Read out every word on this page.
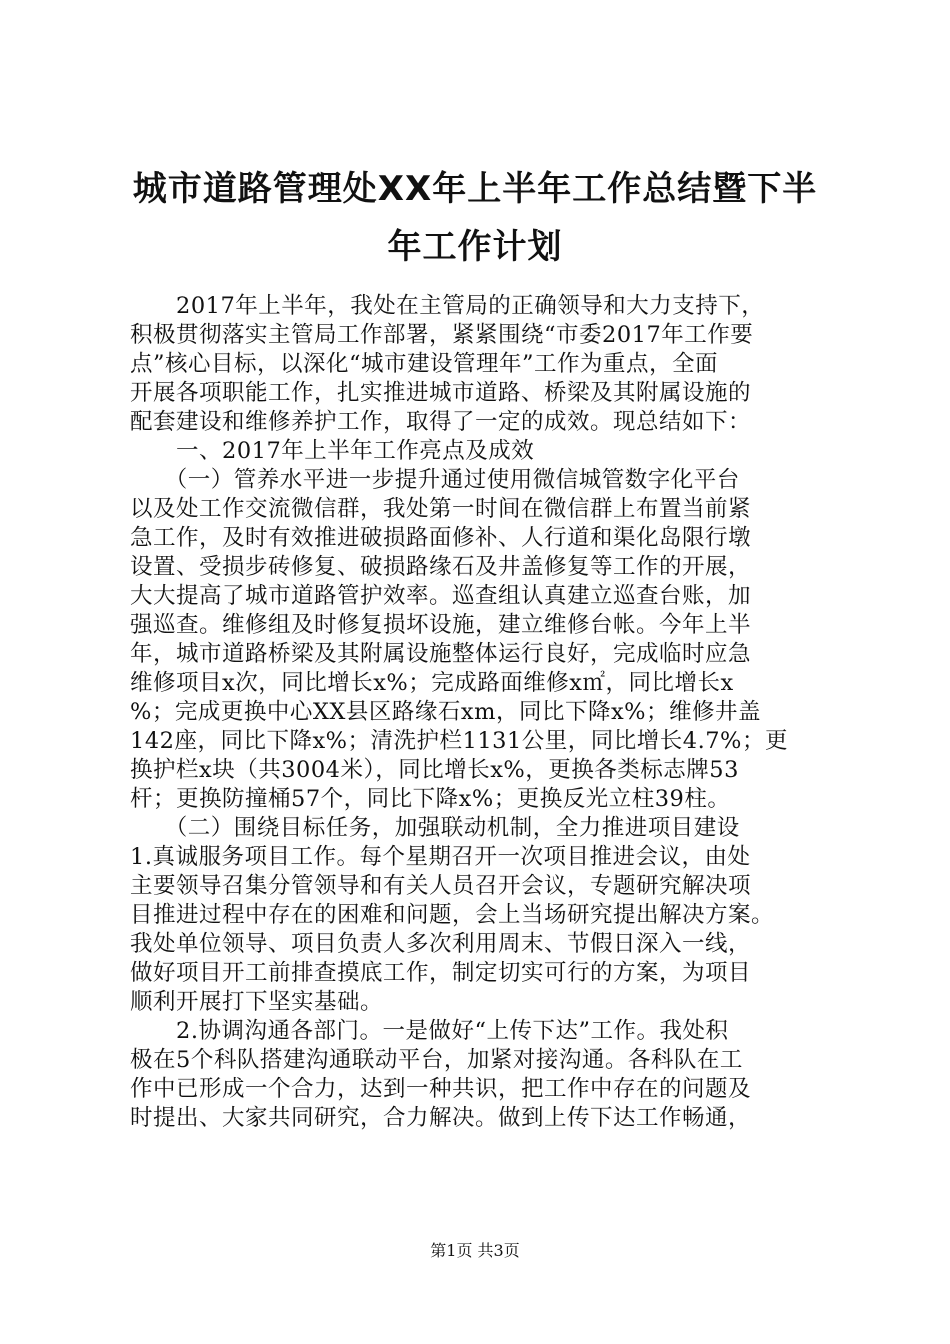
城市道路管理处XX年上半年工作总结暨下半
年工作计划
　　2017年上半年，我处在主管局的正确领导和大力支持下，
积极贯彻落实主管局工作部署，紧紧围绕“市委2017年工作要
点”核心目标，以深化“城市建设管理年”工作为重点，全面
开展各项职能工作，扎实推进城市道路、桥梁及其附属设施的
配套建设和维修养护工作，取得了一定的成效。现总结如下：
　　一、2017年上半年工作亮点及成效
　　（一）管养水平进一步提升通过使用微信城管数字化平台
以及处工作交流微信群，我处第一时间在微信群上布置当前紧
急工作，及时有效推进破损路面修补、人行道和渠化岛限行墩
设置、受损步砖修复、破损路缘石及井盖修复等工作的开展，
大大提高了城市道路管护效率。巡查组认真建立巡查台账，加
强巡查。维修组及时修复损坏设施，建立维修台帐。今年上半
年，城市道路桥梁及其附属设施整体运行良好，完成临时应急
维修项目x次，同比增长x%；完成路面维修x㎡，同比增长x
%；完成更换中心XX县区路缘石xm，同比下降x%；维修井盖
142座，同比下降x%；清洗护栏1131公里，同比增长4.7%；更
换护栏x块（共3004米），同比增长x%，更换各类标志牌53
杆；更换防撞桶57个，同比下降x%；更换反光立柱39柱。
　　（二）围绕目标任务，加强联动机制，全力推进项目建设
1.真诚服务项目工作。每个星期召开一次项目推进会议，由处
主要领导召集分管领导和有关人员召开会议，专题研究解决项
目推进过程中存在的困难和问题，会上当场研究提出解决方案。
我处单位领导、项目负责人多次利用周末、节假日深入一线，
做好项目开工前排查摸底工作，制定切实可行的方案，为项目
顺利开展打下坚实基础。
　　2.协调沟通各部门。一是做好“上传下达”工作。我处积
极在5个科队搭建沟通联动平台，加紧对接沟通。各科队在工
作中已形成一个合力，达到一种共识，把工作中存在的问题及
时提出、大家共同研究，合力解决。做到上传下达工作畅通，
第1页 共3页
